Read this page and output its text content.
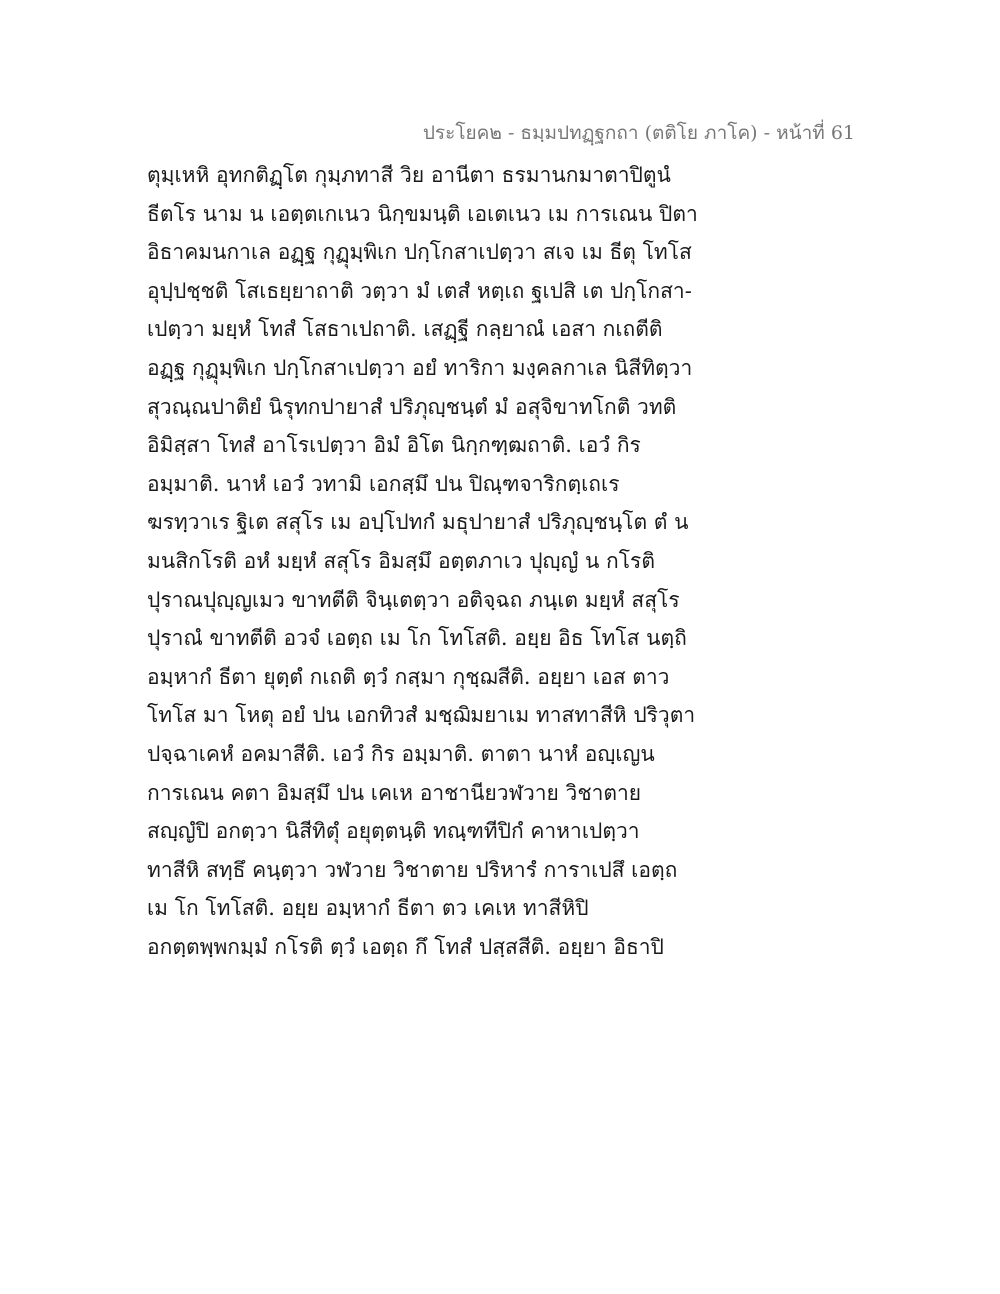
ประโยค๒ - ธมฺมปทฏฺฐกถา (ตติโย ภาโค) - หน้าที่ 61
ตุมฺเหหิ อุทกติฏฺโต กุมฺภทาสี วิย อานีตา ธรมานกมาตาปิตูนํ
ธีตโร นาม น เอตฺตเกเนว นิกฺขมนฺติ เอเตเนว เม การเณน ปิตา
อิธาคมนกาเล อฏฺฐ กุฏุมฺพิเก ปกฺโกสาเปตฺวา สเจ เม ธีตุ โทโส
อุปฺปชฺชติ โสเธยฺยาถาติ วตฺวา มํ เตสํ หตฺเถ ฐเปสิ เต ปกฺโกสา-
เปตฺวา มยฺหํ โทสํ โสธาเปถาติ. เสฏฺฐี กลฺยาณํ เอสา กเถตีติ
อฏฺฐ กุฏุมฺพิเก ปกฺโกสาเปตฺวา อยํ ทาริกา มงฺคลกาเล นิสีทิตฺวา
สุวณฺณปาติยํ นิรุทกปายาสํ ปริภุญฺชนฺตํ มํ อสุจิขาทโกติ วทติ
อิมิสฺสา โทสํ อาโรเปตฺวา อิมํ อิโต นิกฺกฑฺฒถาติ. เอวํ กิร
อมฺมาติ. นาหํ เอวํ วทามิ เอกสฺมึ ปน ปิณฺฑจาริกตฺเถเร
ฆรทฺวาเร ฐิเต สสุโร เม อปฺโปทกํ มธุปายาสํ ปริภุญฺชนฺโต ตํ น
มนสิกโรติ อหํ มยฺหํ สสุโร อิมสฺมึ อตฺตภาเว ปุญฺญํ น กโรติ
ปุราณปุญฺญเมว ขาทตีติ จินฺเตตฺวา อติจฺฉถ ภนฺเต มยฺหํ สสุโร
ปุราณํ ขาทตีติ อวจํ เอตฺถ เม โก โทโสติ. อยฺย อิธ โทโส นตฺถิ
อมฺหากํ ธีตา ยุตฺตํ กเถติ ตฺวํ กสฺมา กุชฺฌสีติ. อยฺยา เอส ตาว
โทโส มา โหตุ อยํ ปน เอกทิวสํ มชฺฌิมยาเม ทาสทาสีหิ ปริวุตา
ปจฺฉาเคหํ อคมาสีติ. เอวํ กิร อมฺมาติ. ตาตา นาหํ อญฺเญน
การเณน คตา อิมสฺมึ ปน เคเห อาชานียวฬวาย วิชาตาย
สญฺญํปิ อกตฺวา นิสีทิตุํ อยุตฺตนฺติ ทณฺฑทีปิกํ คาหาเปตฺวา
ทาสีหิ สทฺธึ คนฺตฺวา วฬวาย วิชาตาย ปริหารํ การาเปสึ เอตฺถ
เม โก โทโสติ. อยฺย อมฺหากํ ธีตา ตว เคเห ทาสีหิปิ
อกตฺตพฺพกมฺมํ กโรติ ตฺวํ เอตฺถ กึ โทสํ ปสฺสสีติ. อยฺยา อิธาปิ
